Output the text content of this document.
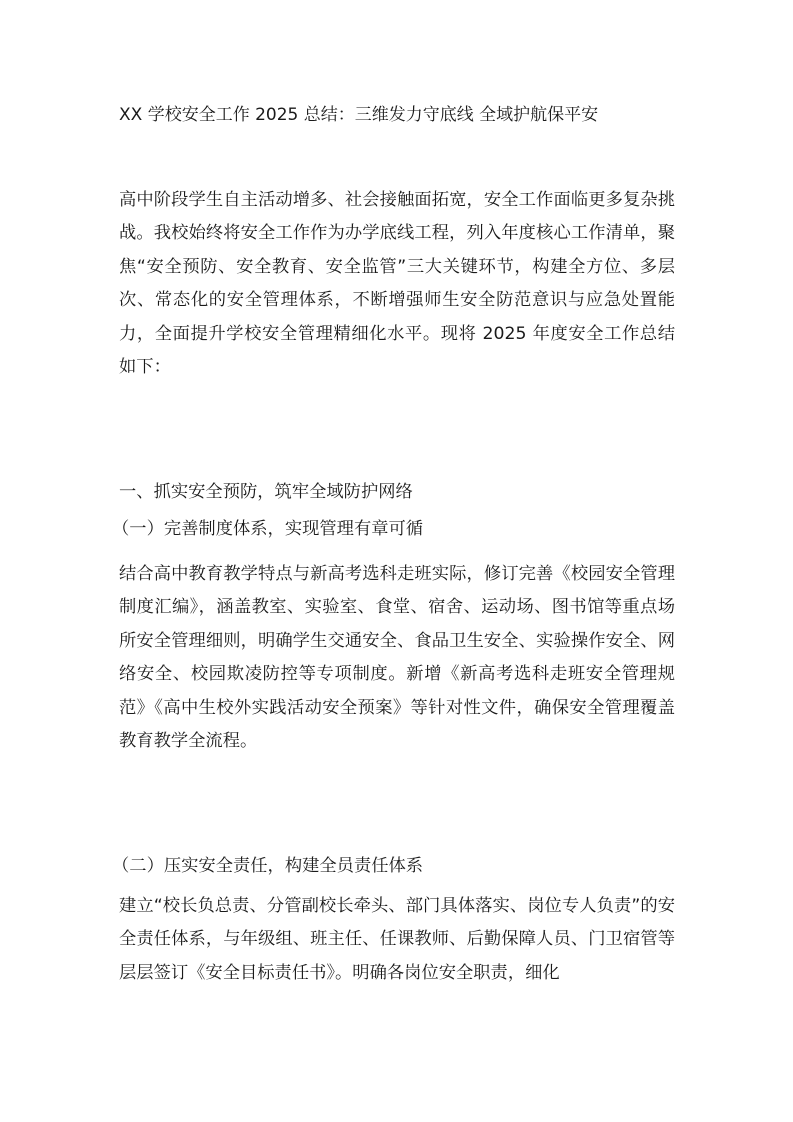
XX 学校安全工作 2025 总结：三维发力守底线 全域护航保平安

高中阶段学生自主活动增多、社会接触面拓宽，安全工作面临更多复杂挑战。我校始终将安全工作作为办学底线工程，列入年度核心工作清单，聚焦“安全预防、安全教育、安全监管”三大关键环节，构建全方位、多层次、常态化的安全管理体系，不断增强师生安全防范意识与应急处置能力，全面提升学校安全管理精细化水平。现将 2025 年度安全工作总结如下：

一、抓实安全预防，筑牢全域防护网络
（一）完善制度体系，实现管理有章可循

结合高中教育教学特点与新高考选科走班实际，修订完善《校园安全管理制度汇编》，涵盖教室、实验室、食堂、宿舍、运动场、图书馆等重点场所安全管理细则，明确学生交通安全、食品卫生安全、实验操作安全、网络安全、校园欺凌防控等专项制度。新增《新高考选科走班安全管理规范》《高中生校外实践活动安全预案》等针对性文件，确保安全管理覆盖教育教学全流程。

（二）压实安全责任，构建全员责任体系

建立“校长负总责、分管副校长牵头、部门具体落实、岗位专人负责”的安全责任体系，与年级组、班主任、任课教师、后勤保障人员、门卫宿管等层层签订《安全目标责任书》。明确各岗位安全职责，细化
